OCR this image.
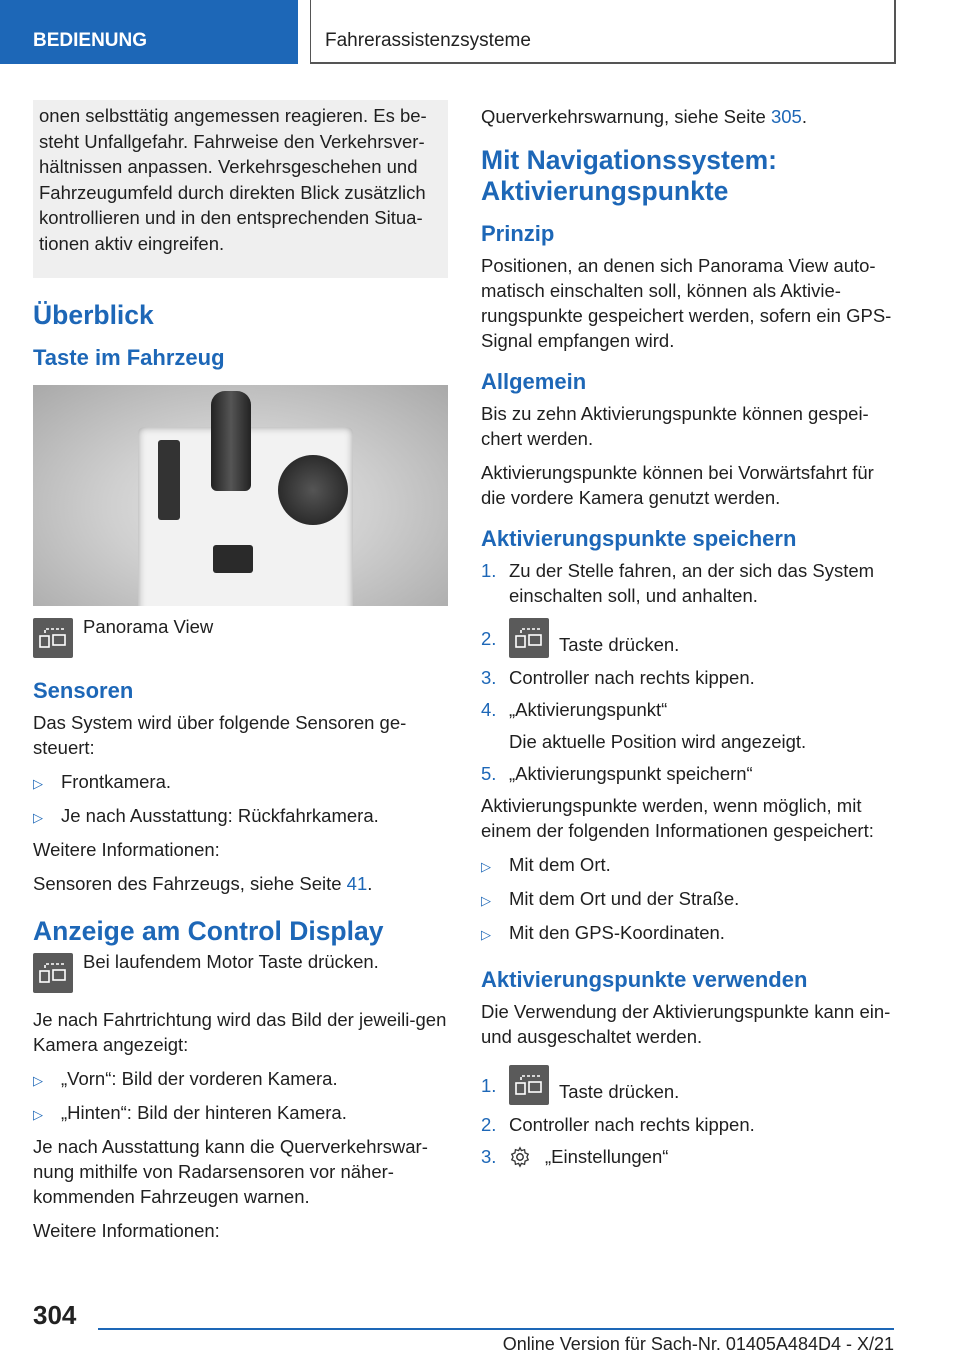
BEDIENUNG	Fahrerassistenzsysteme
onen selbsttätig angemessen reagieren. Es be-steht Unfallgefahr. Fahrweise den Verkehrsver-hältnissen anpassen. Verkehrsgeschehen und Fahrzeugumfeld durch direkten Blick zusätzlich kontrollieren und in den entsprechenden Situa-tionen aktiv eingreifen.
Überblick
Taste im Fahrzeug
Panorama View
Sensoren
Das System wird über folgende Sensoren ge-steuert:
▷ Frontkamera.
▷ Je nach Ausstattung: Rückfahrkamera.
Weitere Informationen:
Sensoren des Fahrzeugs, siehe Seite 41.
Anzeige am Control Display
Bei laufendem Motor Taste drücken.
Je nach Fahrtrichtung wird das Bild der jeweili-gen Kamera angezeigt:
▷ „Vorn“: Bild der vorderen Kamera.
▷ „Hinten“: Bild der hinteren Kamera.
Je nach Ausstattung kann die Querverkehrswar-nung mithilfe von Radarsensoren vor näher-kommenden Fahrzeugen warnen.
Weitere Informationen:
Querverkehrswarnung, siehe Seite 305.
Mit Navigationssystem: Aktivierungspunkte
Prinzip
Positionen, an denen sich Panorama View auto-matisch einschalten soll, können als Aktivie-rungspunkte gespeichert werden, sofern ein GPS-Signal empfangen wird.
Allgemein
Bis zu zehn Aktivierungspunkte können gespei-chert werden.
Aktivierungspunkte können bei Vorwärtsfahrt für die vordere Kamera genutzt werden.
Aktivierungspunkte speichern
1. Zu der Stelle fahren, an der sich das System einschalten soll, und anhalten.
2.	Taste drücken.
3. Controller nach rechts kippen.
4. „Aktivierungspunkt“
Die aktuelle Position wird angezeigt.
5. „Aktivierungspunkt speichern“
Aktivierungspunkte werden, wenn möglich, mit einem der folgenden Informationen gespeichert:
▷ Mit dem Ort.
▷ Mit dem Ort und der Straße.
▷ Mit den GPS-Koordinaten.
Aktivierungspunkte verwenden
Die Verwendung der Aktivierungspunkte kann ein- und ausgeschaltet werden.
1.	Taste drücken.
2. Controller nach rechts kippen.
3.	„Einstellungen“
304
Online Version für Sach-Nr. 01405A484D4 - X/21
